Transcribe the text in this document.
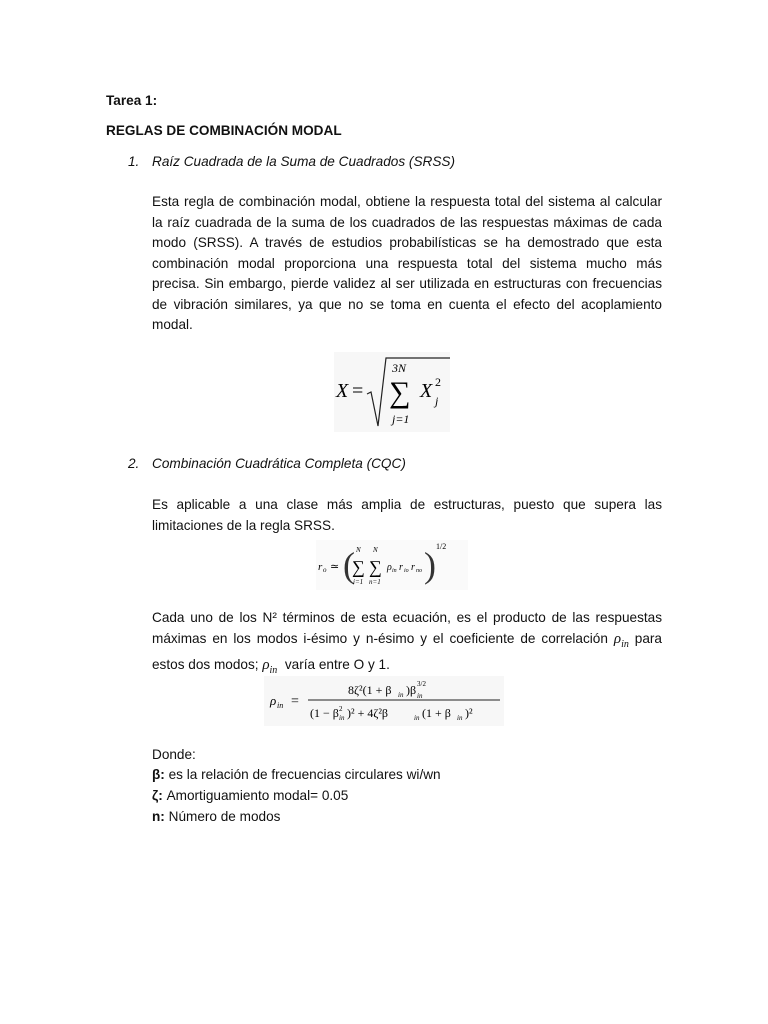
Tarea 1:
REGLAS DE COMBINACIÓN MODAL
1. Raíz Cuadrada de la Suma de Cuadrados (SRSS)
Esta regla de combinación modal, obtiene la respuesta total del sistema al calcular la raíz cuadrada de la suma de los cuadrados de las respuestas máximas de cada modo (SRSS). A través de estudios probabilísticas se ha demostrado que esta combinación modal proporciona una respuesta total del sistema mucho más precisa. Sin embargo, pierde validez al ser utilizada en estructuras con frecuencias de vibración similares, ya que no se toma en cuenta el efecto del acoplamiento modal.
X =
3N
∑
j=1
X 2
j
2. Combinación Cuadrática Completa (CQC)
Es aplicable a una clase más amplia de estructuras, puesto que supera las limitaciones de la regla SRSS.
r o ≃ ( N
∑
i=1
N
∑
n=1
ρ in r io r no ) 1/2
Cada uno de los N² términos de esta ecuación, es el producto de las respuestas máximas en los modos i-ésimo y n-ésimo y el coeficiente de correlación $\rho_{in}$ para estos dos modos; $\rho_{in}$ varía entre O y 1.
ρ in =
8ζ²(1 + β in )β in
3/2
(1 − β in
2 )² + 4ζ²β	in (1 + β in )²
Donde:
β: es la relación de frecuencias circulares wi/wn
ζ: Amortiguamiento modal= 0.05
n: Número de modos
